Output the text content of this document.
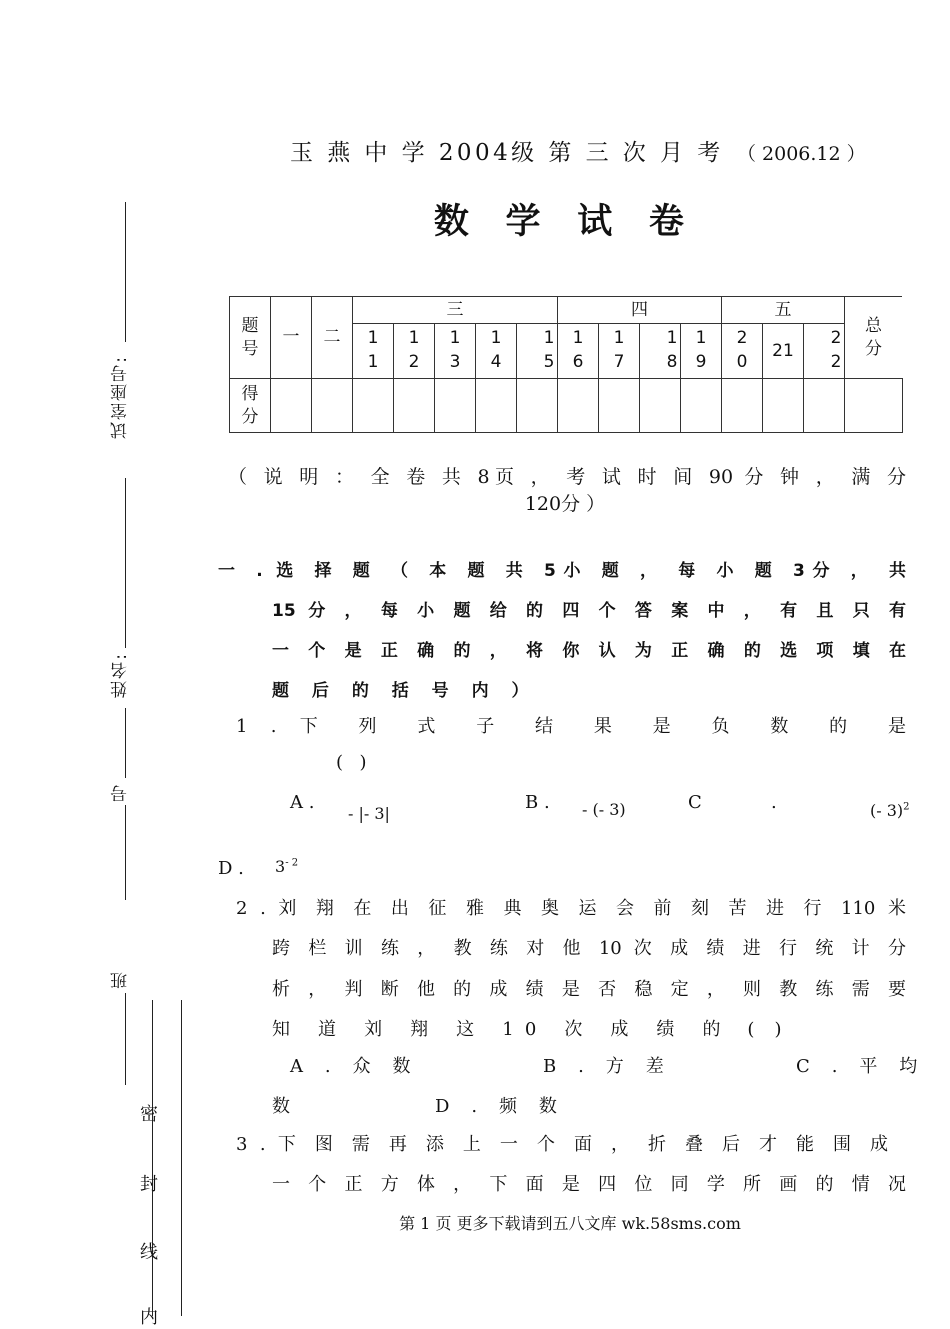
试室座号:
姓名:
号
班
密
封
线
内
玉 燕 中 学 2004级 第 三 次 月 考 （ 2006.12 ）
数 学 试 卷
题号	一	二	三					四				五			总分

			11	12	13	14	15	16	17	18	19	20	21	22	

得分															

（ 说 明 ： 全 卷 共 8页 ， 考 试 时 间 90 分 钟 ， 满 分
120分 ）
一 . 选 择 题 （ 本 题 共 5小 题 ， 每 小 题 3分 ， 共
15 分 ， 每 小 题 给 的 四 个 答 案 中 ， 有 且 只 有
一 个 是 正 确 的 ， 将 你 认 为 正 确 的 选 项 填 在
题 后 的 括 号 内 ）
1 . 下 列 式 子 结 果 是 负 数 的 是
( )
A .
- |- 3|
B . - (- 3)	C	.	(- 3)$^2$
D . $3^{- 2}$
2 . 刘 翔 在 出 征 雅 典 奥 运 会 前 刻 苦 进 行 110 米
跨 栏 训 练 ， 教 练 对 他 10 次 成 绩 进 行 统 计 分
析 ， 判 断 他 的 成 绩 是 否 稳 定 ， 则 教 练 需 要
知 道 刘 翔 这 10 次 成 绩 的 ( )
A . 众 数	B . 方 差	C . 平 均
数	D . 频 数
3 . 下 图 需 再 添 上 一 个 面 ， 折 叠 后 才 能 围 成
一 个 正 方 体 ， 下 面 是 四 位 同 学 所 画 的 情 况
第 1 页 更多下载请到五八文库 wk.58sms.com
